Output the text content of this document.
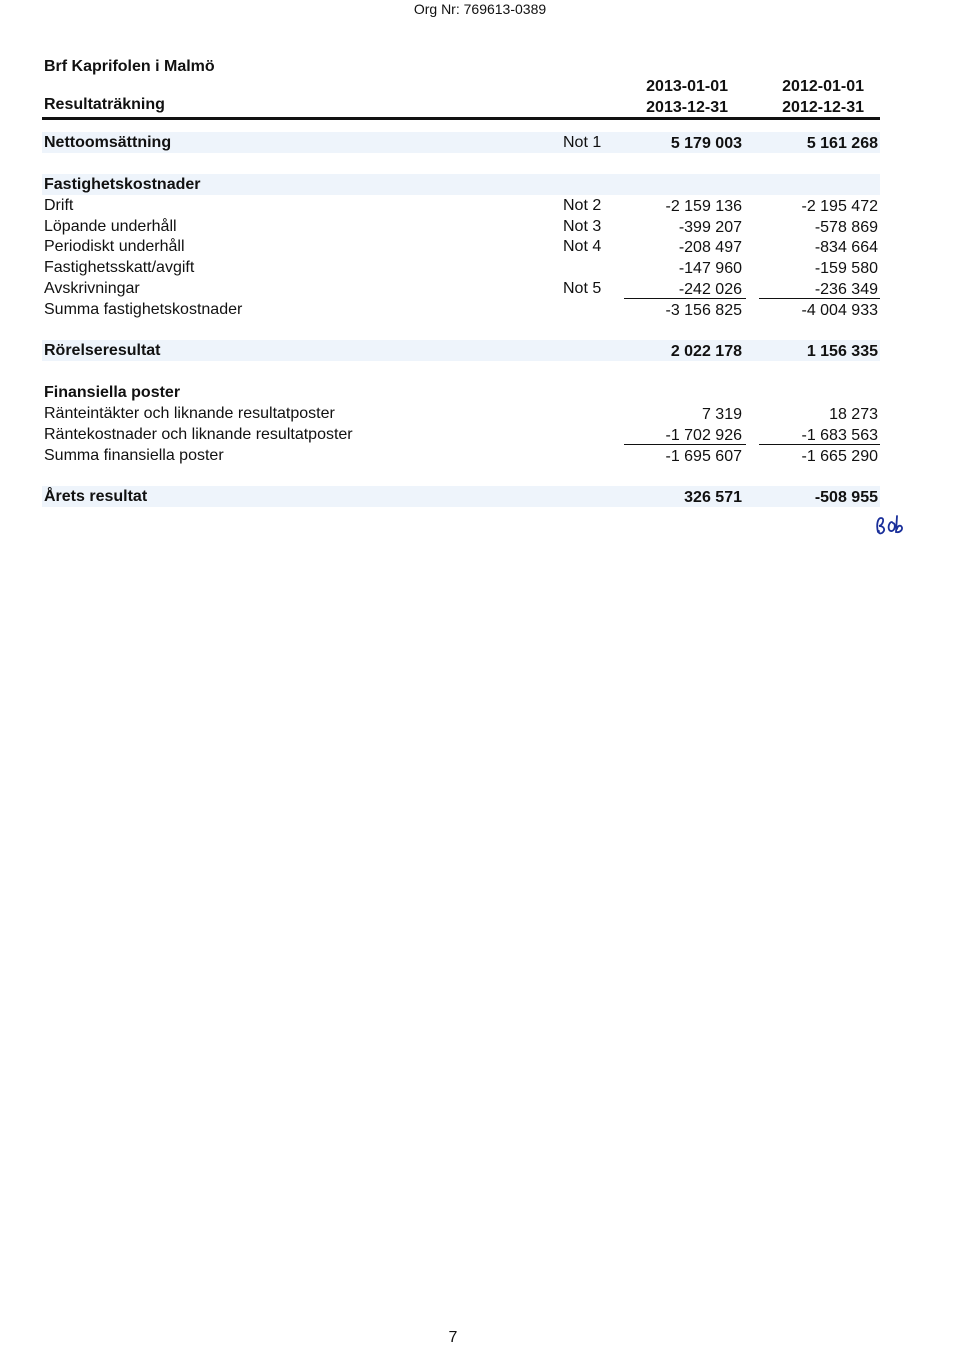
Org Nr: 769613-0389
Brf Kaprifolen i Malmö
Resultaträkning
2013-01-01
2013-12-31
2012-01-01
2012-12-31
Nettoomsättning	Not 1	5 179 003	5 161 268
Fastighetskostnader
Drift	Not 2	-2 159 136	-2 195 472
Löpande underhåll	Not 3	-399 207	-578 869
Periodiskt underhåll	Not 4	-208 497	-834 664
Fastighetsskatt/avgift	-147 960	-159 580
Avskrivningar	Not 5	-242 026	-236 349
Summa fastighetskostnader	-3 156 825	-4 004 933
Rörelseresultat	2 022 178	1 156 335
Finansiella poster
Ränteintäkter och liknande resultatposter	7 319	18 273
Räntekostnader och liknande resultatposter	-1 702 926	-1 683 563
Summa finansiella poster	-1 695 607	-1 665 290
Årets resultat	326 571	-508 955
7
